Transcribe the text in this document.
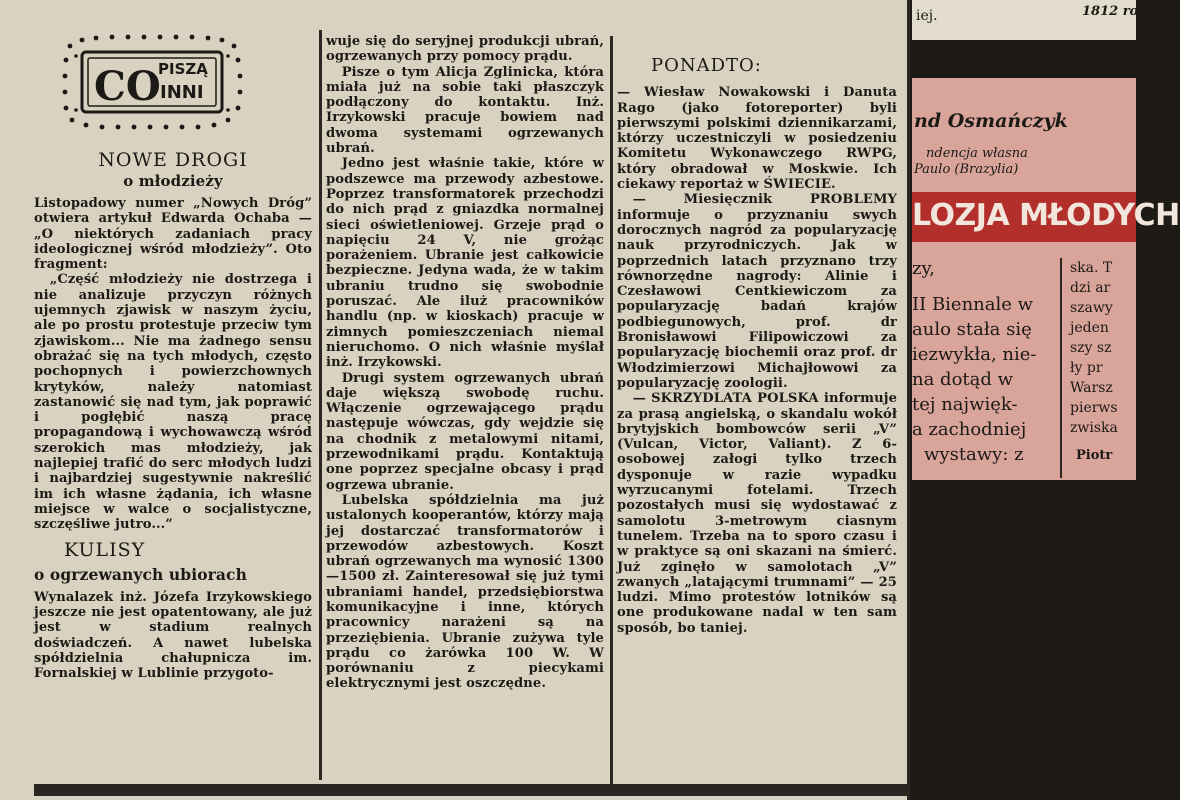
CO
PISZĄ
INNI
NOWE DROGI
o młodzieży

Listopadowy numer „Nowych Dróg” otwiera artykuł Edwarda Ochaba — „O niektórych zadaniach pracy ideologicznej wśród młodzieży”. Oto fragment:

„Część młodzieży nie dostrzega i nie analizuje przyczyn różnych ujemnych zjawisk w naszym życiu, ale po prostu protestuje przeciw tym zjawiskom... Nie ma żadnego sensu obrażać się na tych młodych, często pochopnych i powierzchownych krytyków, należy natomiast zastanowić się nad tym, jak poprawić i pogłębić naszą pracę propagandową i wychowawczą wśród szerokich mas młodzieży, jak najlepiej trafić do serc młodych ludzi i najbardziej sugestywnie nakreślić im ich własne żądania, ich własne miejsce w walce o socjalistyczne, szczęśliwe jutro...”

KULISY
o ogrzewanych ubiorach

Wynalazek inż. Józefa Irzykowskiego jeszcze nie jest opatentowany, ale już jest w stadium realnych doświadczeń. A nawet lubelska spółdzielnia chałupnicza im. Fornalskiej w Lublinie przygoto-

wuje się do seryjnej produkcji ubrań, ogrzewanych przy pomocy prądu.

Pisze o tym Alicja Zglinicka, która miała już na sobie taki płaszczyk podłączony do kontaktu. Inż. Irzykowski pracuje bowiem nad dwoma systemami ogrzewanych ubrań.

Jedno jest właśnie takie, które w podszewce ma przewody azbestowe. Poprzez transformatorek przechodzi do nich prąd z gniazdka normalnej sieci oświetleniowej. Grzeje prąd o napięciu 24 V, nie grożąc porażeniem. Ubranie jest całkowicie bezpieczne. Jedyna wada, że w takim ubraniu trudno się swobodnie poruszać. Ale iluż pracowników handlu (np. w kioskach) pracuje w zimnych pomieszczeniach niemal nieruchomo. O nich właśnie myślał inż. Irzykowski.

Drugi system ogrzewanych ubrań daje większą swobodę ruchu. Włączenie ogrzewającego prądu następuje wówczas, gdy wejdzie się na chodnik z metalowymi nitami, przewodnikami prądu. Kontaktują one poprzez specjalne obcasy i prąd ogrzewa ubranie.

Lubelska spółdzielnia ma już ustalonych kooperantów, którzy mają jej dostarczać transformatorów i przewodów azbestowych. Koszt ubrań ogrzewanych ma wynosić 1300—1500 zł. Zainteresował się już tymi ubraniami handel, przedsiębiorstwa komunikacyjne i inne, których pracownicy narażeni są na przeziębienia. Ubranie zużywa tyle prądu co żarówka 100 W. W porównaniu z piecykami elektrycznymi jest oszczędne.

PONADTO:

— Wiesław Nowakowski i Danuta Rago (jako fotoreporter) byli pierwszymi polskimi dziennikarzami, którzy uczestniczyli w posiedzeniu Komitetu Wykonawczego RWPG, który obradował w Moskwie. Ich ciekawy reportaż w ŚWIECIE.

— Miesięcznik PROBLEMY informuje o przyznaniu swych dorocznych nagród za popularyzację nauk przyrodniczych. Jak w poprzednich latach przyznano trzy równorzędne nagrody: Alinie i Czesławowi Centkiewiczom za popularyzację badań krajów podbiegunowych, prof. dr Bronisławowi Filipowiczowi za popularyzację biochemii oraz prof. dr Włodzimierzowi Michajłowowi za popularyzację zoologii.

— SKRZYDLATA POLSKA informuje za prasą angielską, o skandalu wokół brytyjskich bombowców serii „V” (Vulcan, Victor, Valiant). Z 6-osobowej załogi tylko trzech dysponuje w razie wypadku wyrzucanymi fotelami. Trzech pozostałych musi się wydostawać z samolotu 3-metrowym ciasnym tunelem. Trzeba na to sporo czasu i w praktyce są oni skazani na śmierć. Już zginęło w samolotach „V” zwanych „latającymi trumnami” — 25 ludzi. Mimo protestów lotników są one produkowane nadal w ten sam sposób, bo taniej.

iej.	1812 ro
nd Osmańczyk
ndencja własna
Paulo (Brazylia)
LOZJA MŁODYCH
zy,
II Biennale w
aulo stała się
iezwykła, nie-
na dotąd w
tej najwięk-
a zachodniej
wystawy: z
ska. T
dzi ar
szawy
jeden
szy sz
ły pr
Warsz
pierws
zwiska
Piotr
